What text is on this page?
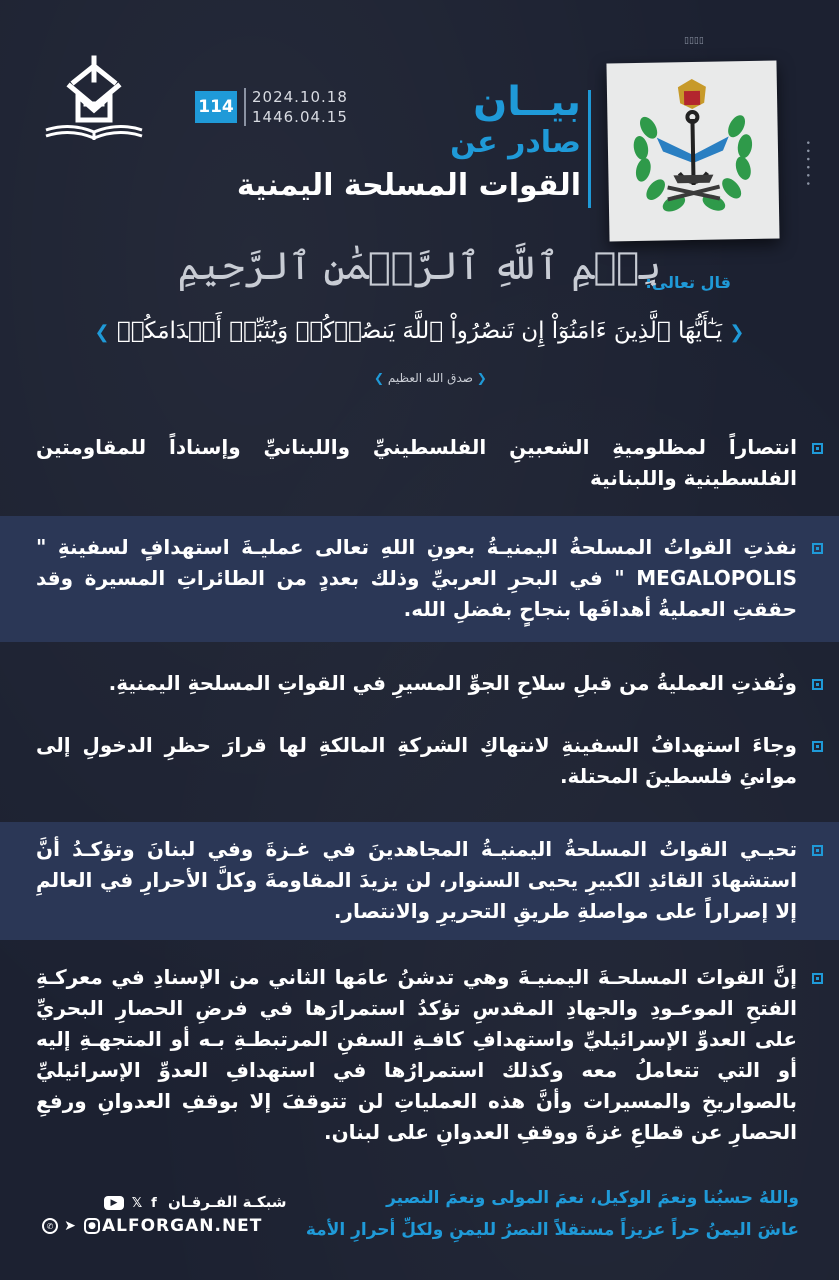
114 2024.10.18
1446.04.15	بيــان
صادر عن
القوات المسلحة اليمنية
▯▯▯▯
• • • • • •
بِسۡمِ ٱللَّهِ ٱلرَّحۡمَٰنِ ٱلرَّحِيمِ
قال تعالى:
❮ يَـٰٓأَيُّهَا ٱلَّذِينَ ءَامَنُوٓاْ إِن تَنصُرُواْ ٱللَّهَ يَنصُرۡكُمۡ وَيُثَبِّتۡ أَقۡدَامَكُمۡ ❯
❮ صدق الله العظيم ❯
انتصاراً لمظلوميةِ الشعبينِ الفلسطينيِّ واللبنانيِّ وإسناداً للمقاومتين الفلسطينية واللبنانية
نفذتِ القواتُ المسلحةُ اليمنيـةُ بعونِ اللهِ تعالى عمليـةَ استهدافٍ لسفينةِ " MEGALOPOLIS " في البحرِ العربيِّ وذلك بعددٍ من الطائراتِ المسيرة وقد حققتِ العمليةُ أهدافَها بنجاحٍ بفضلِ الله.
ونُفذتِ العمليةُ من قبلِ سلاحِ الجوِّ المسيرِ في القواتِ المسلحةِ اليمنيةِ.
وجاءَ استهدافُ السفينةِ لانتهاكِ الشركةِ المالكةِ لها قرارَ حظرِ الدخولِ إلى موانئِ فلسطينَ المحتلة.
تحيـي القواتُ المسلحةُ اليمنيـةُ المجاهدينَ في غـزةَ وفي لبنانَ وتؤكـدُ أنَّ استشهادَ القائدِ الكبيرِ يحيى السنوار، لن يزيدَ المقاومةَ وكلَّ الأحرارِ في العالمِ إلا إصراراً على مواصلةِ طريقِ التحريرِ والانتصار.
إنَّ القواتَ المسلحـةَ اليمنيـةَ وهي تدشنُ عامَها الثاني من الإسنادِ في معركـةِ الفتحِ الموعـودِ والجهادِ المقدسِ تؤكدُ استمرارَها في فرضِ الحصارِ البحريِّ على العدوِّ الإسرائيليِّ واستهدافِ كافـةِ السفنِ المرتبطـةِ بـه أو المتجهـةِ إليه أو التي تتعاملُ معه وكذلك استمرارُها في استهدافِ العدوِّ الإسرائيليِّ بالصواريخِ والمسيرات وأنَّ هذه العملياتِ لن تتوقفَ إلا بوقفِ العدوانِ ورفعِ الحصارِ عن قطاعِ غزةَ ووقفِ العدوانِ على لبنان.
واللهُ حسبُنا ونعمَ الوكيل، نعمَ المولى ونعمَ النصير
عاشَ اليمنُ حراً عزيزاً مستقلاً النصرُ لليمنِ ولكلِّ أحرارِ الأمة
شبكـة الفـرقـان
f
𝕏
▶
ALFORGAN.NET
●
➤
✆
